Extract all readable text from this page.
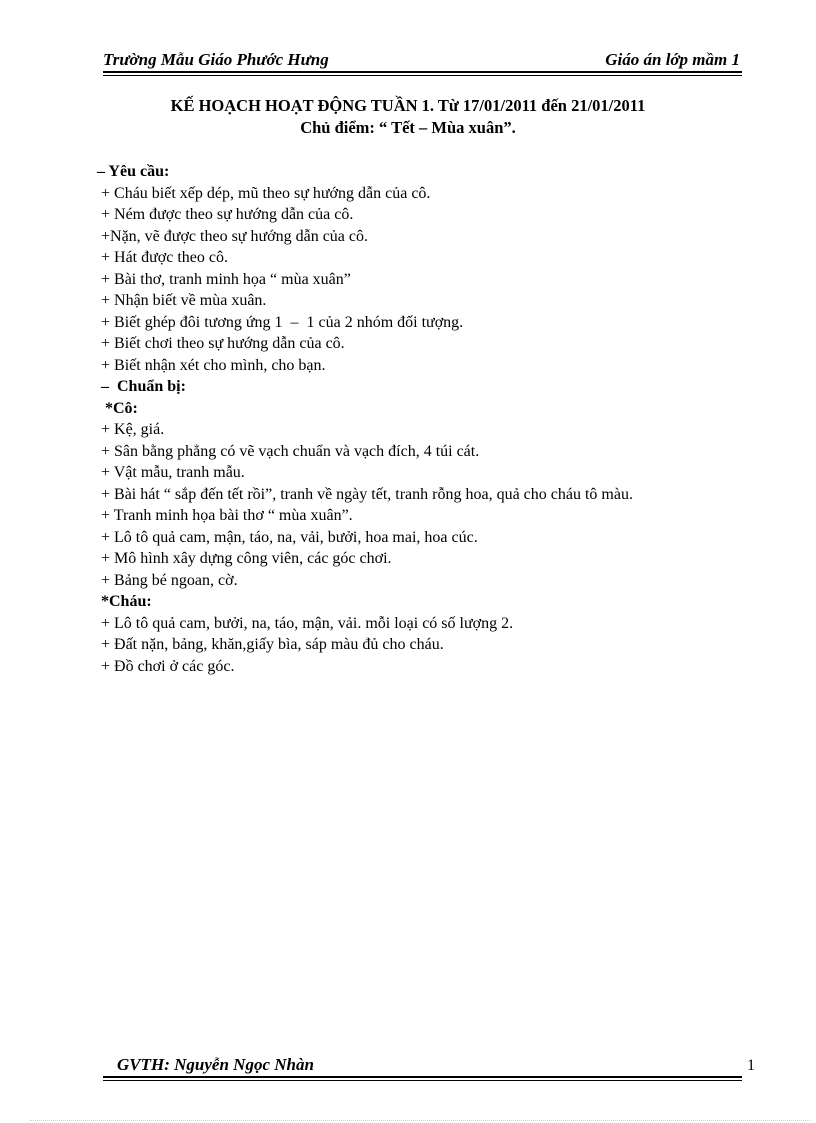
Trường Mẫu Giáo Phước Hưng	Giáo án lớp mầm 1
KẾ HOẠCH HOẠT ĐỘNG TUẦN 1. Từ 17/01/2011 đến 21/01/2011
Chủ điểm: “ Tết – Mùa xuân”.
– Yêu cầu:
+ Cháu biết xếp dép, mũ theo sự hướng dẫn của cô.
+ Ném được theo sự hướng dẫn của cô.
+Nặn, vẽ được theo sự hướng dẫn của cô.
+ Hát được theo cô.
+ Bài thơ, tranh minh họa “ mùa xuân”
+ Nhận biết về mùa xuân.
+ Biết ghép đôi tương ứng 1  –  1 của 2 nhóm đối tượng.
+ Biết chơi theo sự hướng dẫn của cô.
+ Biết nhận xét cho mình, cho bạn.
–  Chuẩn bị:
*Cô:
+ Kệ, giá.
+ Sân bằng phẳng có vẽ vạch chuẩn và vạch đích, 4 túi cát.
+ Vật mẫu, tranh mẫu.
+ Bài hát “ sắp đến tết rồi”, tranh về ngày tết, tranh rỗng hoa, quả cho cháu tô màu.
+ Tranh minh họa bài thơ “ mùa xuân”.
+ Lô tô quả cam, mận, táo, na, vải, bưởi, hoa mai, hoa cúc.
+ Mô hình xây dựng công viên, các góc chơi.
+ Bảng bé ngoan, cờ.
*Cháu:
+ Lô tô quả cam, bưởi, na, táo, mận, vải. mỗi loại có số lượng 2.
+ Đất nặn, bảng, khăn,giấy bìa, sáp màu đủ cho cháu.
+ Đồ chơi ở các góc.
GVTH: Nguyễn Ngọc Nhàn	1
